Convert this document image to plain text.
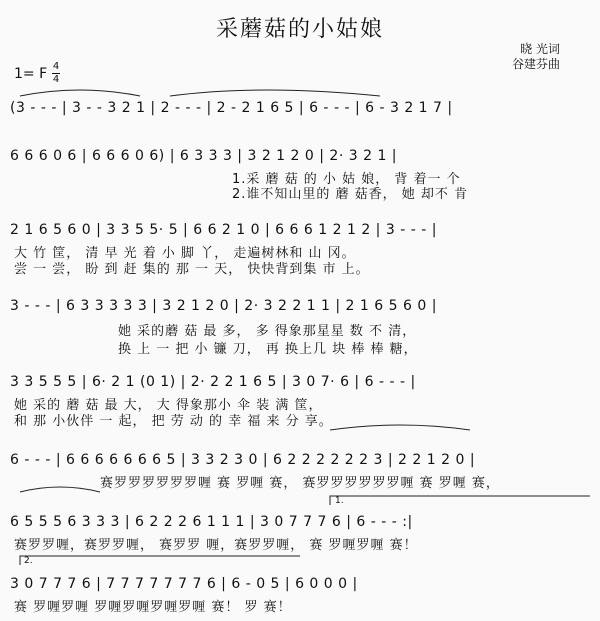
采蘑菇的小姑娘
晓 光词
谷建芬曲
1= F 4
4
1.
2.
(3 - - - | 3 - - 3 2 1 | 2 - - - | 2 - 2 1 6 5 | 6 - - - | 6 - 3 2 1 7 |
6 6 6 0 6 | 6 6 6 0 6) | 6 3 3 3 | 3 2 1 2 0 | 2· 3 2 1 |
1.采 蘑 菇 的 小 姑 娘， 背 着一 个
2.谁不知山里的 蘑 菇香， 她 却不 肯
2 1 6 5 6 0 | 3 3 5 5· 5 | 6 6 2 1 0 | 6 6 6 1 2 1 2 | 3 - - - |
大 竹 筐， 清 早 光 着 小 脚 丫， 走遍树林和 山 冈。
尝 一 尝， 盼 到 赶 集的 那 一 天， 快快背到集 市 上。
3 - - - | 6 3 3 3 3 3 | 3 2 1 2 0 | 2· 3 2 2 1 1 | 2 1 6 5 6 0 |
她 采的蘑 菇 最 多， 多 得象那星星 数 不 清，
换 上 一 把 小 镰 刀， 再 换上几 块 棒 棒 糖，
3 3 5 5 5 | 6· 2 1 (0 1) | 2· 2 2 1 6 5 | 3 0 7· 6 | 6 - - - |
她 采的 蘑 菇 最 大， 大 得象那小 伞 装 满 筐，
和 那 小伙伴 一 起， 把 劳 动 的 幸 福 来 分 享。
6 - - - | 6 6 6 6 6 6 6 5 | 3 3 2 3 0 | 6 2 2 2 2 2 2 3 | 2 2 1 2 0 |
赛罗罗罗罗罗罗喱 赛 罗喱 赛， 赛罗罗罗罗罗罗喱 赛 罗喱 赛，
6 5 5 5 6 3 3 3 | 6 2 2 2 6 1 1 1 | 3 0 7 7 7 6 | 6 - - - :|
赛罗罗喱，赛罗罗喱， 赛罗罗 喱，赛罗罗喱， 赛 罗喱罗喱 赛！
3 0 7 7 7 6 | 7 7 7 7 7 7 7 6 | 6 - 0 5 | 6 0 0 0 |
赛 罗喱罗喱 罗喱罗喱罗喱罗喱 赛！ 罗 赛！
